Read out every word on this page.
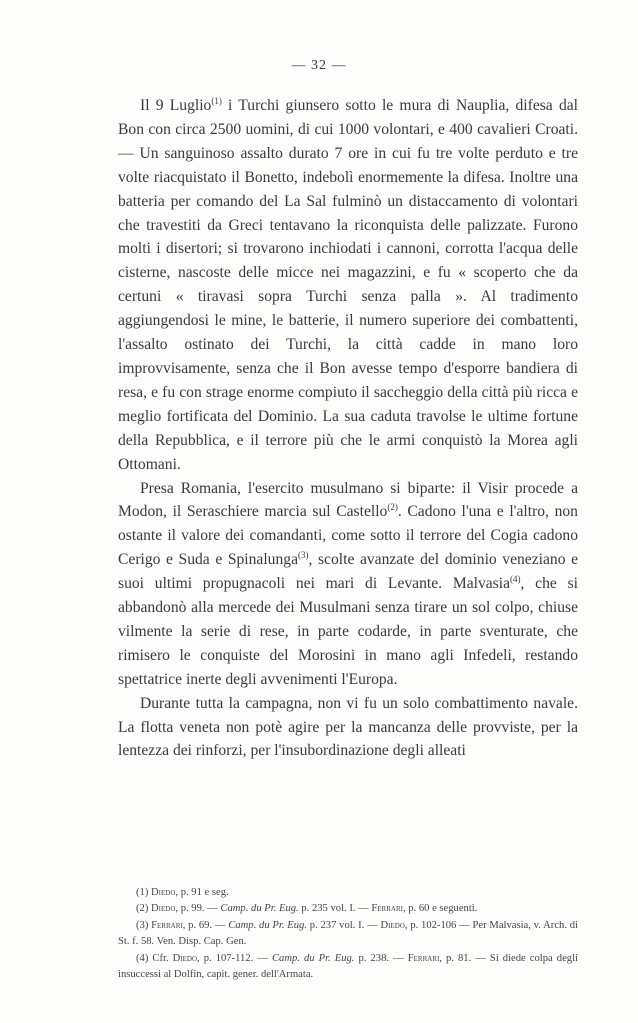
— 32 —

Il 9 Luglio$^{(1)}$ i Turchi giunsero sotto le mura di Nauplia, difesa dal Bon con circa 2500 uomini, di cui 1000 volontari, e 400 cavalieri Croati. — Un sanguinoso assalto durato 7 ore in cui fu tre volte perduto e tre volte riacquistato il Bonetto, indebolì enormemente la difesa. Inoltre una batteria per comando del La Sal fulminò un distaccamento di volontari che travestiti da Greci tentavano la riconquista delle palizzate. Furono molti i disertori; si trovarono inchiodati i cannoni, corrotta l'acqua delle cisterne, nascoste delle micce nei magazzini, e fu « scoperto che da certuni « tiravasi sopra Turchi senza palla ». Al tradimento aggiungendosi le mine, le batterie, il numero superiore dei combattenti, l'assalto ostinato dei Turchi, la città cadde in mano loro improvvisamente, senza che il Bon avesse tempo d'esporre bandiera di resa, e fu con strage enorme compiuto il saccheggio della città più ricca e meglio fortificata del Dominio. La sua caduta travolse le ultime fortune della Repubblica, e il terrore più che le armi conquistò la Morea agli Ottomani.

Presa Romania, l'esercito musulmano si biparte: il Visir procede a Modon, il Seraschiere marcia sul Castello$^{(2)}$. Cadono l'una e l'altro, non ostante il valore dei comandanti, come sotto il terrore del Cogia cadono Cerigo e Suda e Spinalunga$^{(3)}$, scolte avanzate del dominio veneziano e suoi ultimi propugnacoli nei mari di Levante. Malvasia$^{(4)}$, che si abbandonò alla mercede dei Musulmani senza tirare un sol colpo, chiuse vilmente la serie di rese, in parte codarde, in parte sventurate, che rimisero le conquiste del Morosini in mano agli Infedeli, restando spettatrice inerte degli avvenimenti l'Europa.

Durante tutta la campagna, non vi fu un solo combattimento navale. La flotta veneta non potè agire per la mancanza delle provviste, per la lentezza dei rinforzi, per l'insubordinazione degli alleati

(1) Diedo, p. 91 e seg.

(2) Diedo, p. 99. — Camp. du Pr. Eug. p. 235 vol. I. — Ferrari, p. 60 e seguenti.

(3) Ferrari, p. 69. — Camp. du Pr. Eug. p. 237 vol. I. — Diedo, p. 102-106 — Per Malvasia, v. Arch. di St. f. 58. Ven. Disp. Cap. Gen.

(4) Cfr. Diedo, p. 107-112. — Camp. du Pr. Eug. p. 238. — Ferrari, p. 81. — Si diede colpa degli insuccessi al Dolfin, capit. gener. dell'Armata.
